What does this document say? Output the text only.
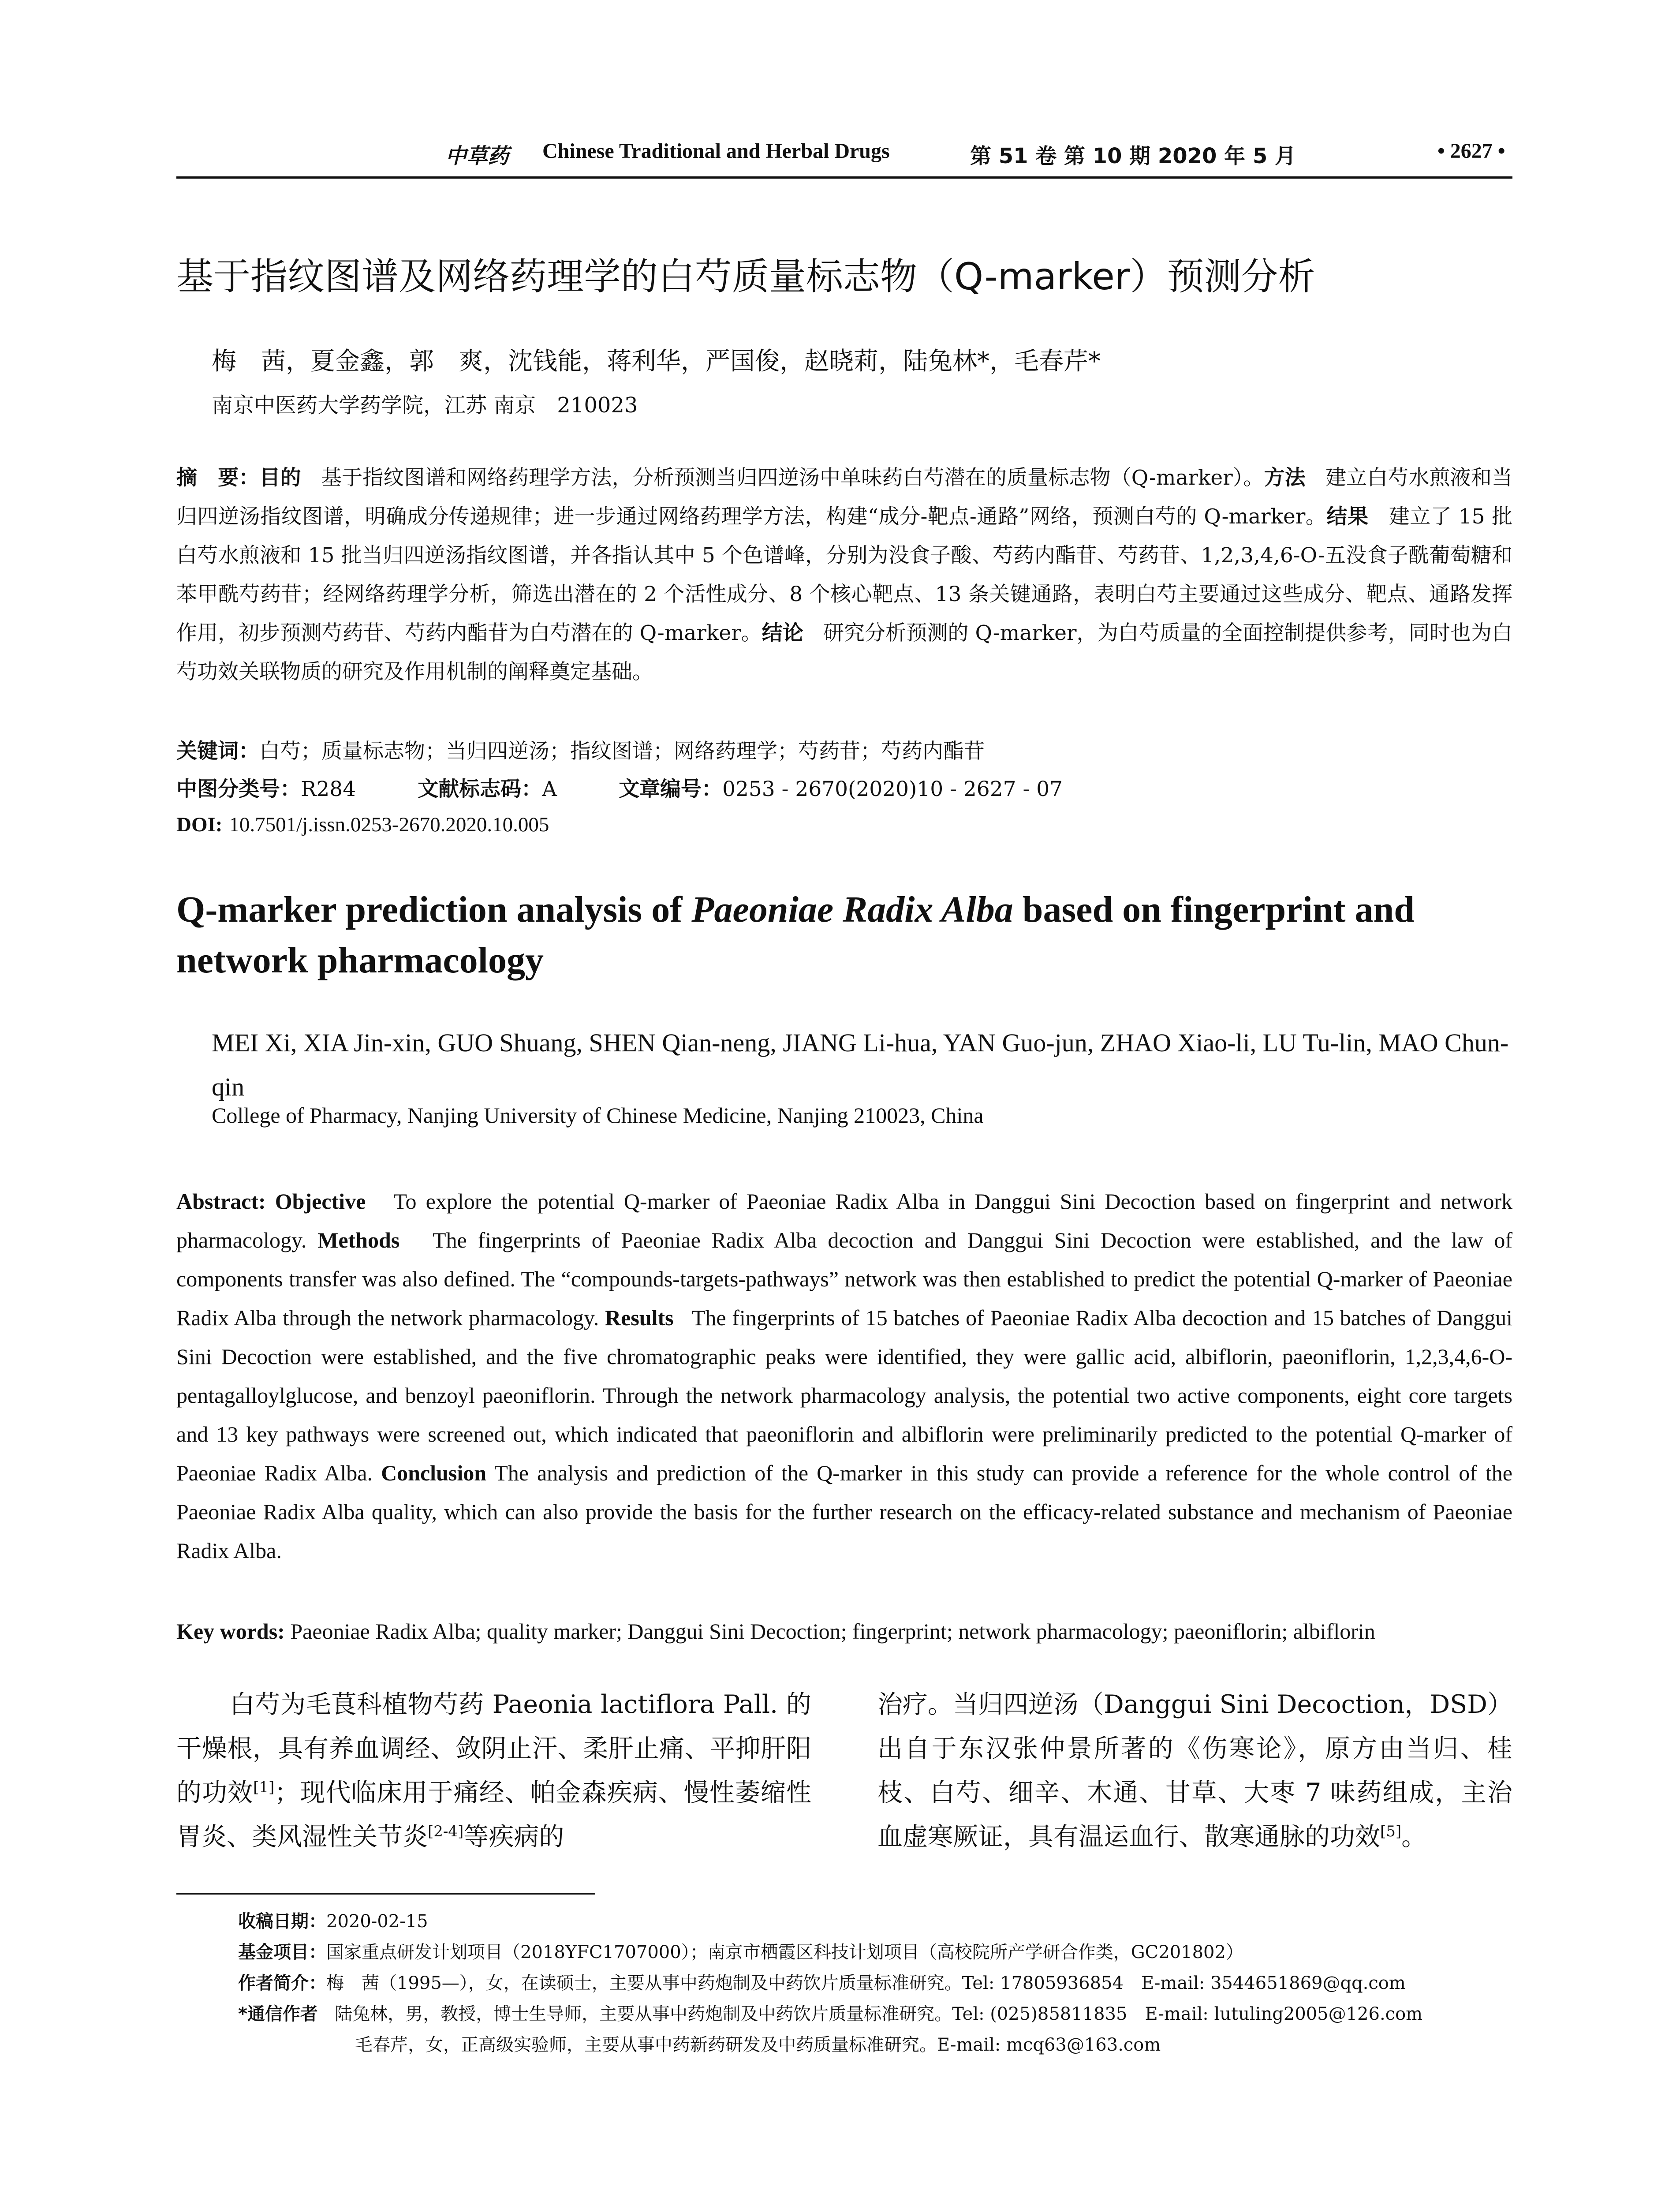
中草药 Chinese Traditional and Herbal Drugs	第 51 卷 第 10 期 2020 年 5 月	• 2627 •
基于指纹图谱及网络药理学的白芍质量标志物（Q-marker）预测分析
梅　茜，夏金鑫，郭　爽，沈钱能，蒋利华，严国俊，赵晓莉，陆兔林*，毛春芹*
南京中医药大学药学院，江苏 南京　210023
摘　要：目的 基于指纹图谱和网络药理学方法，分析预测当归四逆汤中单味药白芍潜在的质量标志物（Q-marker）。方法 建立白芍水煎液和当归四逆汤指纹图谱，明确成分传递规律；进一步通过网络药理学方法，构建“成分-靶点-通路”网络，预测白芍的 Q-marker。结果 建立了 15 批白芍水煎液和 15 批当归四逆汤指纹图谱，并各指认其中 5 个色谱峰，分别为没食子酸、芍药内酯苷、芍药苷、1,2,3,4,6-O-五没食子酰葡萄糖和苯甲酰芍药苷；经网络药理学分析，筛选出潜在的 2 个活性成分、8 个核心靶点、13 条关键通路，表明白芍主要通过这些成分、靶点、通路发挥作用，初步预测芍药苷、芍药内酯苷为白芍潜在的 Q-marker。结论 研究分析预测的 Q-marker，为白芍质量的全面控制提供参考，同时也为白芍功效关联物质的研究及作用机制的阐释奠定基础。
关键词：白芍；质量标志物；当归四逆汤；指纹图谱；网络药理学；芍药苷；芍药内酯苷
中图分类号：R284	文献标志码：A	文章编号：0253 - 2670(2020)10 - 2627 - 07
DOI: 10.7501/j.issn.0253-2670.2020.10.005
Q-marker prediction analysis of Paeoniae Radix Alba based on fingerprint and network pharmacology
MEI Xi, XIA Jin-xin, GUO Shuang, SHEN Qian-neng, JIANG Li-hua, YAN Guo-jun, ZHAO Xiao-li, LU Tu-lin, MAO Chun-qin
College of Pharmacy, Nanjing University of Chinese Medicine, Nanjing 210023, China
Abstract: Objective To explore the potential Q-marker of Paeoniae Radix Alba in Danggui Sini Decoction based on fingerprint and network pharmacology. Methods The fingerprints of Paeoniae Radix Alba decoction and Danggui Sini Decoction were established, and the law of components transfer was also defined. The “compounds-targets-pathways” network was then established to predict the potential Q-marker of Paeoniae Radix Alba through the network pharmacology. Results The fingerprints of 15 batches of Paeoniae Radix Alba decoction and 15 batches of Danggui Sini Decoction were established, and the five chromatographic peaks were identified, they were gallic acid, albiflorin, paeoniflorin, 1,2,3,4,6-O-pentagalloylglucose, and benzoyl paeoniflorin. Through the network pharmacology analysis, the potential two active components, eight core targets and 13 key pathways were screened out, which indicated that paeoniflorin and albiflorin were preliminarily predicted to the potential Q-marker of Paeoniae Radix Alba. Conclusion The analysis and prediction of the Q-marker in this study can provide a reference for the whole control of the Paeoniae Radix Alba quality, which can also provide the basis for the further research on the efficacy-related substance and mechanism of Paeoniae Radix Alba.
Key words: Paeoniae Radix Alba; quality marker; Danggui Sini Decoction; fingerprint; network pharmacology; paeoniflorin; albiflorin
白芍为毛茛科植物芍药 Paeonia lactiflora Pall. 的干燥根，具有养血调经、敛阴止汗、柔肝止痛、平抑肝阳的功效[1]；现代临床用于痛经、帕金森疾病、慢性萎缩性胃炎、类风湿性关节炎[2-4]等疾病的
治疗。当归四逆汤（Danggui Sini Decoction，DSD）出自于东汉张仲景所著的《伤寒论》，原方由当归、桂枝、白芍、细辛、木通、甘草、大枣 7 味药组成，主治血虚寒厥证，具有温运血行、散寒通脉的功效[5]。
收稿日期：2020-02-15
基金项目：国家重点研发计划项目（2018YFC1707000）；南京市栖霞区科技计划项目（高校院所产学研合作类，GC201802）
作者简介：梅　茜（1995—），女，在读硕士，主要从事中药炮制及中药饮片质量标准研究。Tel: 17805936854　E-mail: 3544651869@qq.com
*通信作者 陆兔林，男，教授，博士生导师，主要从事中药炮制及中药饮片质量标准研究。Tel: (025)85811835　E-mail: lutuling2005@126.com
毛春芹，女，正高级实验师，主要从事中药新药研发及中药质量标准研究。E-mail: mcq63@163.com
